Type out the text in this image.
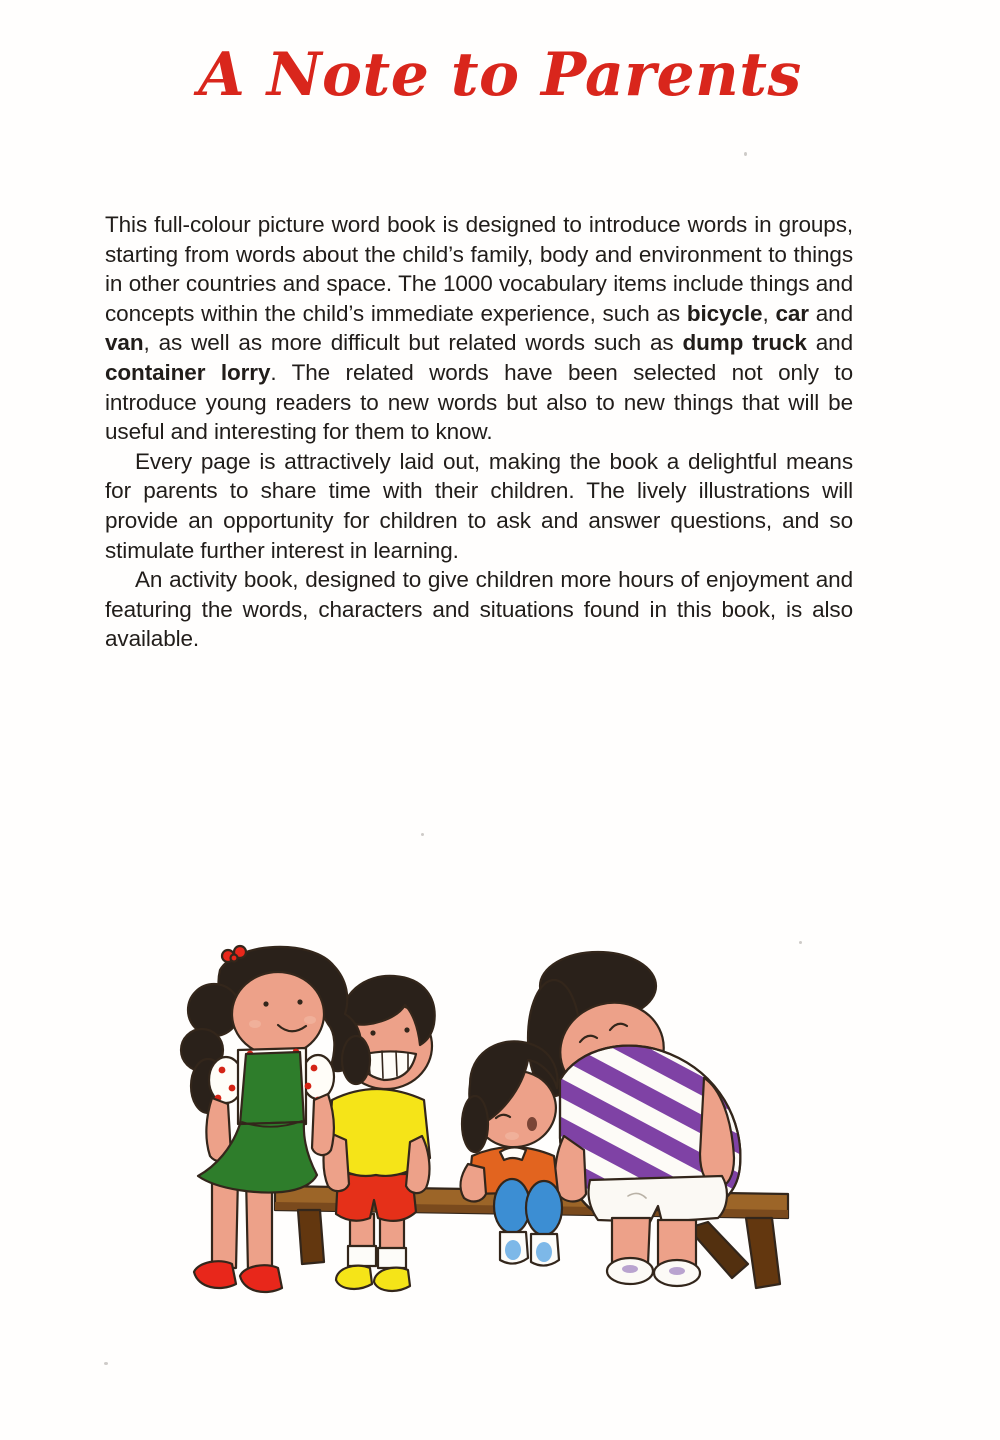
A Note to Parents

This full-colour picture word book is designed to introduce words in groups, starting from words about the child’s family, body and environment to things in other countries and space. The 1000 vocabulary items include things and concepts within the child’s immediate experience, such as bicycle, car and van, as well as more difficult but related words such as dump truck and container lorry. The related words have been selected not only to introduce young readers to new words but also to new things that will be useful and interesting for them to know.

Every page is attractively laid out, making the book a delightful means for parents to share time with their children. The lively illustrations will provide an opportunity for children to ask and answer questions, and so stimulate further interest in learning.

An activity book, designed to give children more hours of enjoyment and featuring the words, characters and situations found in this book, is also available.
